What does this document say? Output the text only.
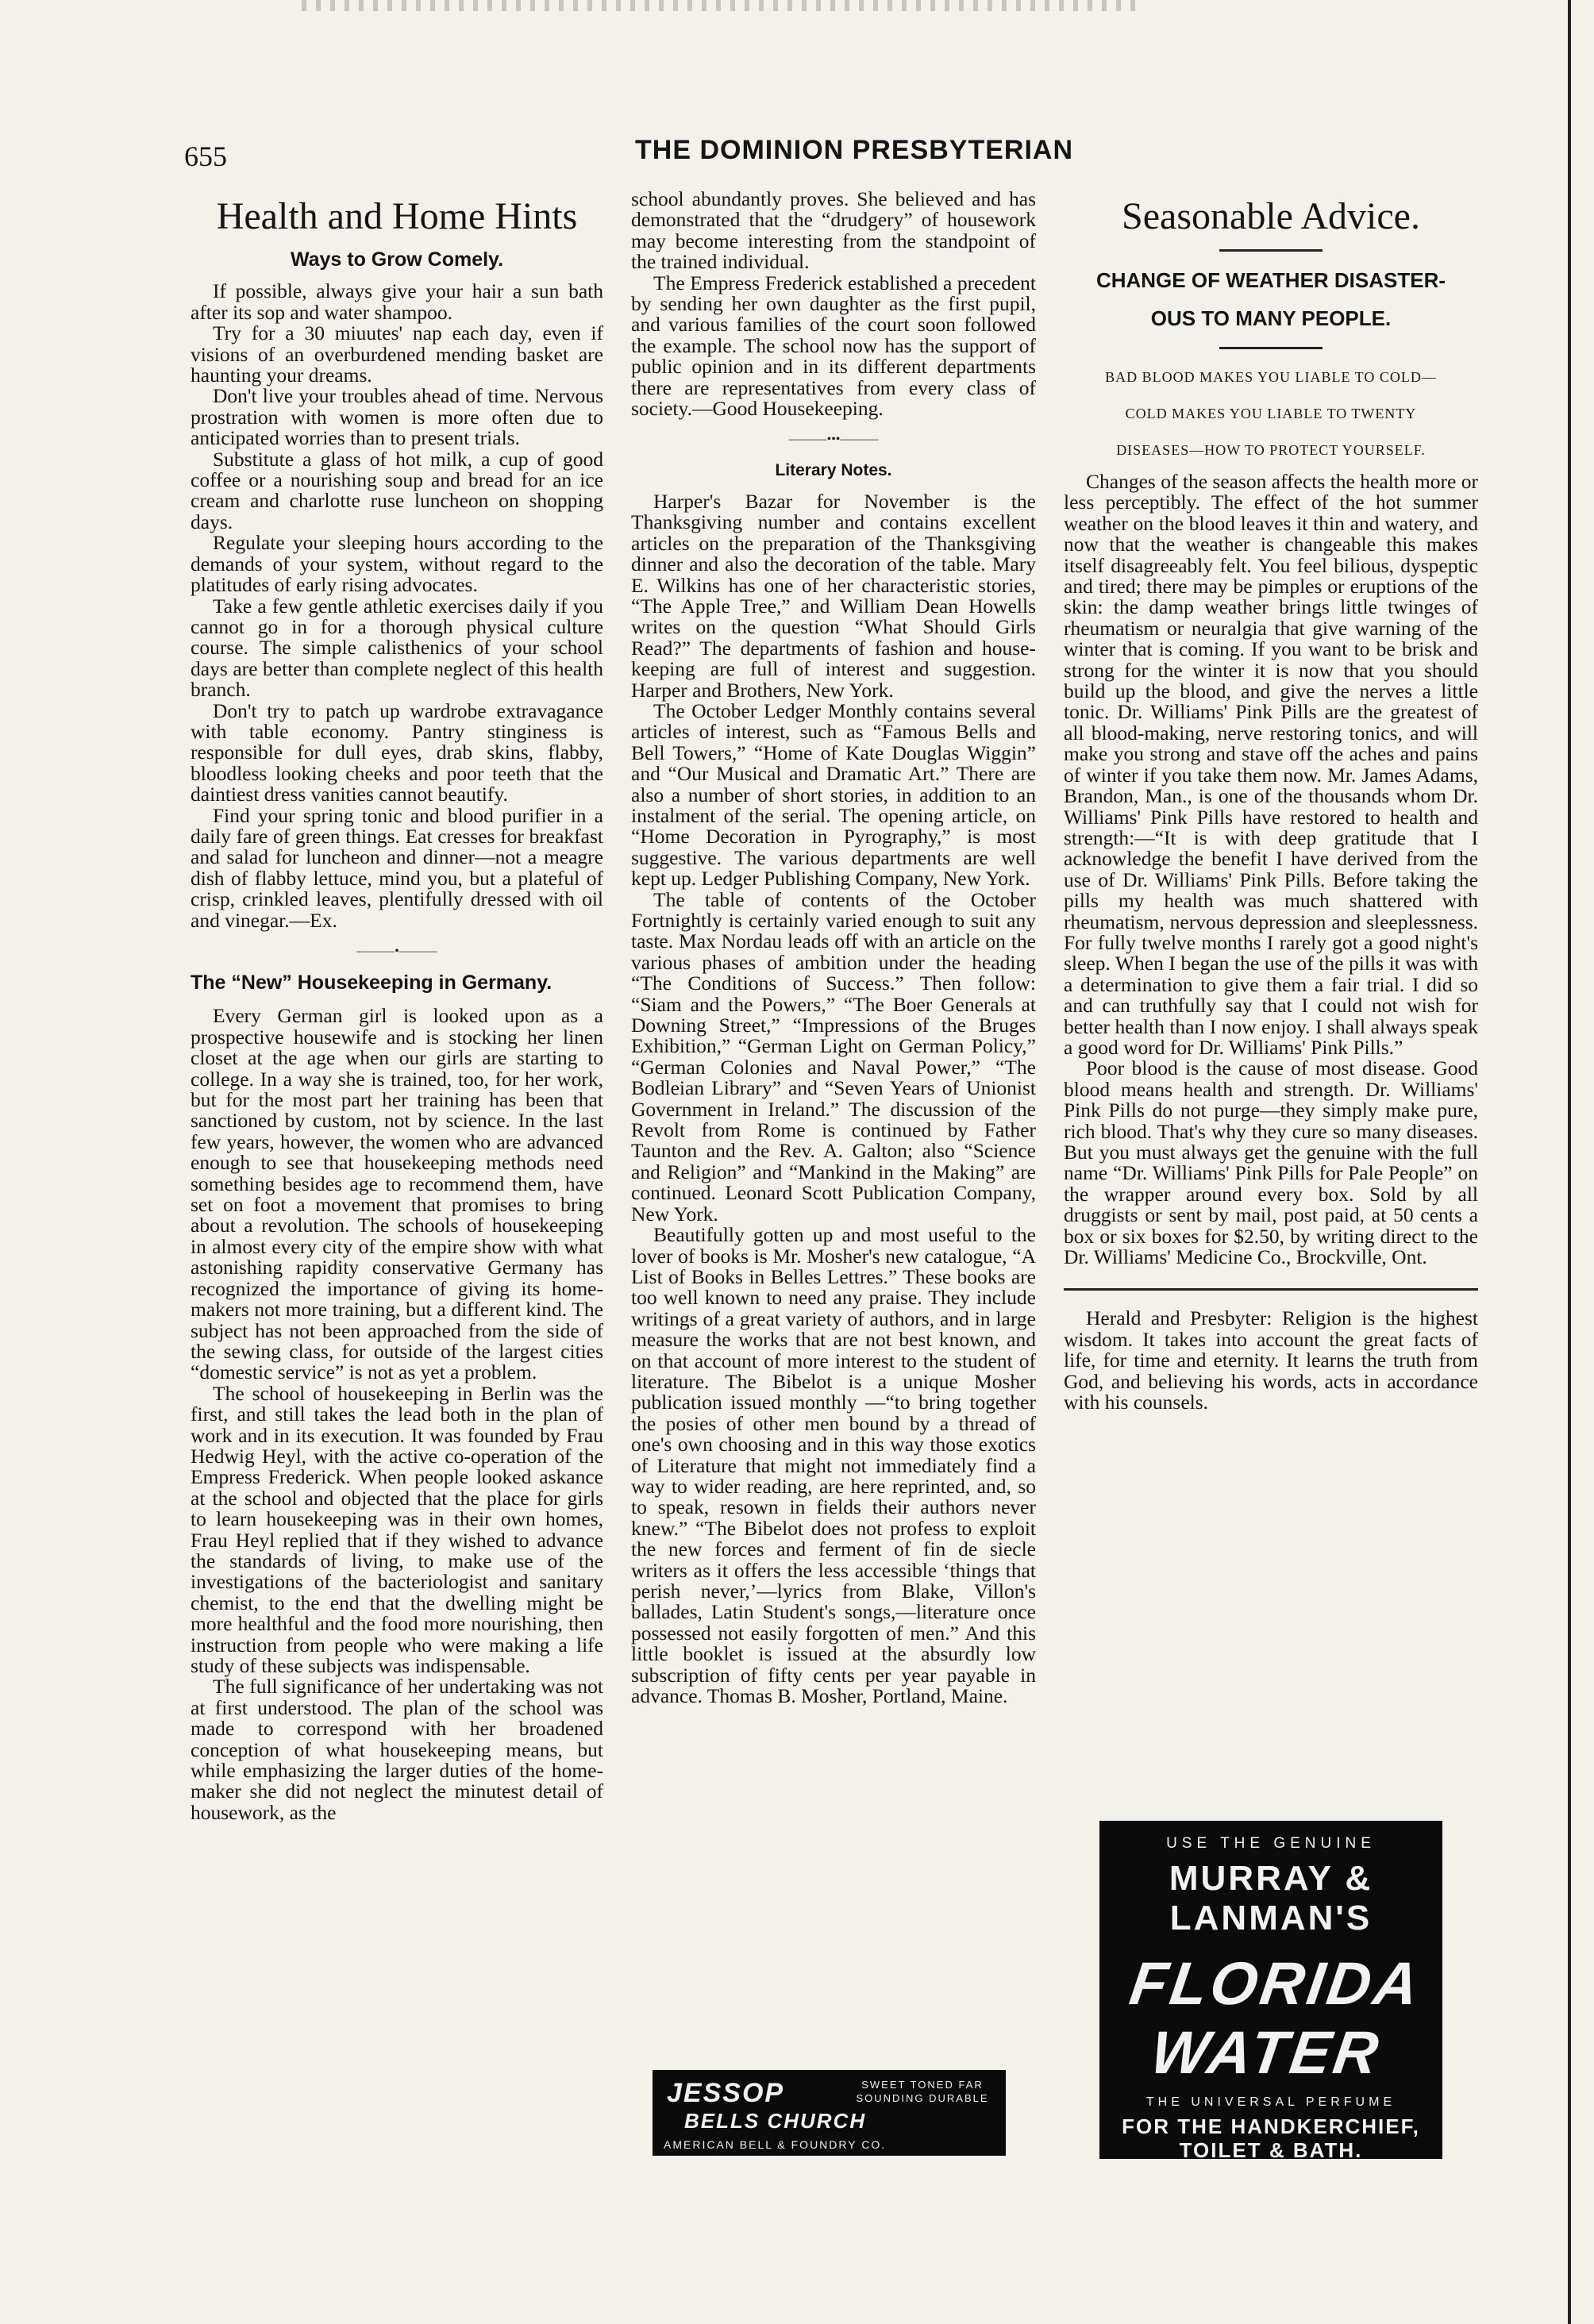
655	THE DOMINION PRESBYTERIAN
Health and Home Hints
Ways to Grow Comely.

If possible, always give your hair a sun bath after its sop and water shampoo.

Try for a 30 miuutes' nap each day, even if visions of an overburdened mending basket are haunting your dreams.

Don't live your troubles ahead of time. Nervous prostration with women is more often due to anticipated worries than to present trials.

Substitute a glass of hot milk, a cup of good coffee or a nourishing soup and bread for an ice cream and charlotte ruse luncheon on shopping days.

Regulate your sleeping hours according to the demands of your system, without regard to the platitudes of early rising advocates.

Take a few gentle athletic exercises daily if you cannot go in for a thorough physical culture course. The simple calisthenics of your school days are better than complete neglect of this health branch.

Don't try to patch up wardrobe extravagance with table economy. Pantry stinginess is responsible for dull eyes, drab skins, flabby, bloodless looking cheeks and poor teeth that the daintiest dress vanities cannot beautify.

Find your spring tonic and blood purifier in a daily fare of green things. Eat cresses for breakfast and salad for luncheon and dinner—not a meagre dish of flabby lettuce, mind you, but a plateful of crisp, crinkled leaves, plentifully dressed with oil and vinegar.—Ex.

———•———
The “New” Housekeeping in Germany.

Every German girl is looked upon as a prospective housewife and is stocking her linen closet at the age when our girls are starting to college. In a way she is trained, too, for her work, but for the most part her training has been that sanctioned by custom, not by science. In the last few years, however, the women who are advanced enough to see that housekeeping methods need something besides age to recommend them, have set on foot a movement that promises to bring about a revolution. The schools of housekeeping in almost every city of the empire show with what astonishing rapidity conservative Germany has recognized the importance of giving its home-makers not more training, but a different kind. The subject has not been approached from the side of the sewing class, for outside of the largest cities “domestic service” is not as yet a problem.

The school of housekeeping in Berlin was the first, and still takes the lead both in the plan of work and in its execution. It was founded by Frau Hedwig Heyl, with the active co-operation of the Empress Frederick. When people looked askance at the school and objected that the place for girls to learn housekeeping was in their own homes, Frau Heyl replied that if they wished to advance the standards of living, to make use of the investigations of the bacteriologist and sanitary chemist, to the end that the dwelling might be more healthful and the food more nourishing, then instruction from people who were making a life study of these subjects was indispensable.

The full significance of her undertaking was not at first understood. The plan of the school was made to correspond with her broadened conception of what housekeeping means, but while emphasizing the larger duties of the home-maker she did not neglect the minutest detail of housework, as the

school abundantly proves. She believed and has demonstrated that the “drudgery” of housework may become interesting from the standpoint of the trained individual.

The Empress Frederick established a precedent by sending her own daughter as the first pupil, and various families of the court soon followed the example. The school now has the support of public opinion and in its different departments there are representatives from every class of society.—Good Housekeeping.

———•••———
Literary Notes.

Harper's Bazar for November is the Thanksgiving number and contains excellent articles on the preparation of the Thanksgiving dinner and also the decoration of the table. Mary E. Wilkins has one of her characteristic stories, “The Apple Tree,” and William Dean Howells writes on the question “What Should Girls Read?” The departments of fashion and house-keeping are full of interest and suggestion. Harper and Brothers, New York.

The October Ledger Monthly contains several articles of interest, such as “Famous Bells and Bell Towers,” “Home of Kate Douglas Wiggin” and “Our Musical and Dramatic Art.” There are also a number of short stories, in addition to an instalment of the serial. The opening article, on “Home Decoration in Pyrography,” is most suggestive. The various departments are well kept up. Ledger Publishing Company, New York.

The table of contents of the October Fortnightly is certainly varied enough to suit any taste. Max Nordau leads off with an article on the various phases of ambition under the heading “The Conditions of Success.” Then follow: “Siam and the Powers,” “The Boer Generals at Downing Street,” “Impressions of the Bruges Exhibition,” “German Light on German Policy,” “German Colonies and Naval Power,” “The Bodleian Library” and “Seven Years of Unionist Government in Ireland.” The discussion of the Revolt from Rome is continued by Father Taunton and the Rev. A. Galton; also “Science and Religion” and “Mankind in the Making” are continued. Leonard Scott Publication Company, New York.

Beautifully gotten up and most useful to the lover of books is Mr. Mosher's new catalogue, “A List of Books in Belles Lettres.” These books are too well known to need any praise. They include writings of a great variety of authors, and in large measure the works that are not best known, and on that account of more interest to the student of literature. The Bibelot is a unique Mosher publication issued monthly —“to bring together the posies of other men bound by a thread of one's own choosing and in this way those exotics of Literature that might not immediately find a way to wider reading, are here reprinted, and, so to speak, resown in fields their authors never knew.” “The Bibelot does not profess to exploit the new forces and ferment of fin de siecle writers as it offers the less accessible ‘things that perish never,’—lyrics from Blake, Villon's ballades, Latin Student's songs,—literature once possessed not easily forgotten of men.” And this little booklet is issued at the absurdly low subscription of fifty cents per year payable in advance. Thomas B. Mosher, Portland, Maine.

Seasonable Advice.
CHANGE OF WEATHER DISASTER-
OUS TO MANY PEOPLE.
BAD BLOOD MAKES YOU LIABLE TO COLD—
COLD MAKES YOU LIABLE TO TWENTY
DISEASES—HOW TO PROTECT YOURSELF.

Changes of the season affects the health more or less perceptibly. The effect of the hot summer weather on the blood leaves it thin and watery, and now that the weather is changeable this makes itself disagreeably felt. You feel bilious, dyspeptic and tired; there may be pimples or eruptions of the skin: the damp weather brings little twinges of rheumatism or neuralgia that give warning of the winter that is coming. If you want to be brisk and strong for the winter it is now that you should build up the blood, and give the nerves a little tonic. Dr. Williams' Pink Pills are the greatest of all blood-making, nerve restoring tonics, and will make you strong and stave off the aches and pains of winter if you take them now. Mr. James Adams, Brandon, Man., is one of the thousands whom Dr. Williams' Pink Pills have restored to health and strength:—“It is with deep gratitude that I acknowledge the benefit I have derived from the use of Dr. Williams' Pink Pills. Before taking the pills my health was much shattered with rheumatism, nervous depression and sleeplessness. For fully twelve months I rarely got a good night's sleep. When I began the use of the pills it was with a determination to give them a fair trial. I did so and can truthfully say that I could not wish for better health than I now enjoy. I shall always speak a good word for Dr. Williams' Pink Pills.”

Poor blood is the cause of most disease. Good blood means health and strength. Dr. Williams' Pink Pills do not purge—they simply make pure, rich blood. That's why they cure so many diseases. But you must always get the genuine with the full name “Dr. Williams' Pink Pills for Pale People” on the wrapper around every box. Sold by all druggists or sent by mail, post paid, at 50 cents a box or six boxes for $2.50, by writing direct to the Dr. Williams' Medicine Co., Brockville, Ont.

Herald and Presbyter: Religion is the highest wisdom. It takes into account the great facts of life, for time and eternity. It learns the truth from God, and believing his words, acts in accordance with his counsels.

USE THE GENUINE
MURRAY &
LANMAN'S
FLORIDA WATER
THE UNIVERSAL PERFUME
FOR THE HANDKERCHIEF,
TOILET & BATH.
REFUSE ALL SUBSTITUTES
JESSOP
BELLS CHURCH
SWEET TONED FAR SOUNDING DURABLE
AMERICAN BELL & FOUNDRY CO.
